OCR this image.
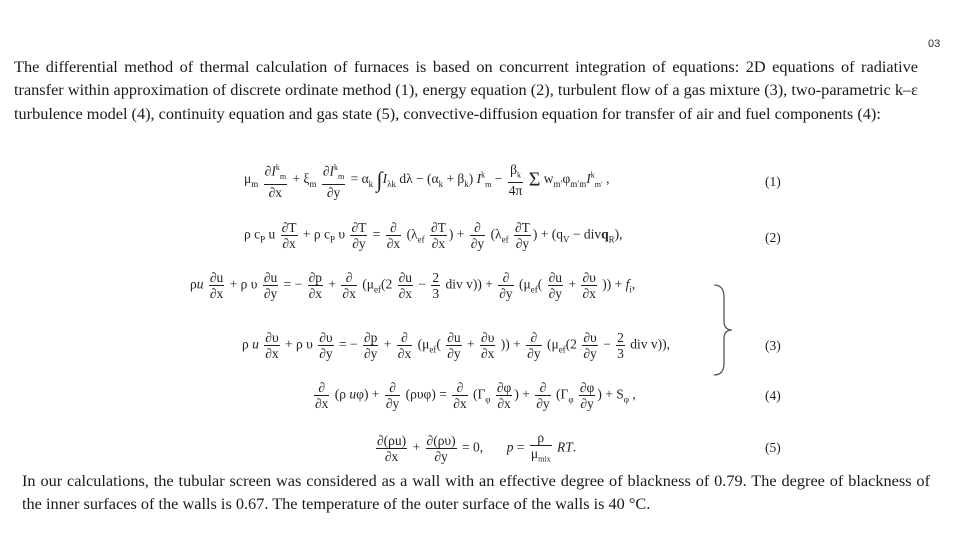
03

The differential method of thermal calculation of furnaces is based on concurrent integration of equations: 2D equations of radiative transfer within approximation of discrete ordinate method (1), energy equation (2), turbulent flow of a gas mixture (3), two-parametric k–ε turbulence model (4), continuity equation and gas state (5), convective-diffusion equation for transfer of air and fuel components (4):

$\mu_m \frac{\partial I^k_m}{\partial x} + \xi_m \frac{\partial I^k_m}{\partial y} = \alpha_k$ $\int I_{\lambda k}$ $d\lambda - (\alpha_k + \beta_k) I^k_m - \frac{\beta_k}{4\pi}$ Σ $w_{m'}\varphi_{m'm}I^k_{m'}$ ,	(1)
ρ $c_P$ u $\frac{\partial T}{\partial x} + \rho$ $c_P$ υ $\frac{\partial T}{\partial y} = \frac{\partial}{\partial x} (\lambda_{ef} \frac{\partial T}{\partial x}$ ) + $\frac{\partial}{\partial y} (\lambda_{ef} \frac{\partial T}{\partial y}$ ) + ($q_V$ − divq$_R$),	(2)
ρu $\frac{\partial u}{\partial x} + \rho$ υ $\frac{\partial u}{\partial y}$ = − $\frac{\partial p}{\partial x} + \frac{\partial}{\partial x} (\mu_{ef}(2 \frac{\partial u}{\partial x} - \frac{2}{3}$ div $v)) + \frac{\partial}{\partial y} (\mu_{ef}( \frac{\partial u}{\partial y} + \frac{\partial\upsilon}{\partial x}$ )) + $f_i$,
ρ u $\frac{\partial\upsilon}{\partial x} + \rho$ υ $\frac{\partial\upsilon}{\partial y}$ = − $\frac{\partial p}{\partial y} + \frac{\partial}{\partial x} (\mu_{ef}( \frac{\partial u}{\partial y} + \frac{\partial\upsilon}{\partial x}$ )) + $\frac{\partial}{\partial y} (\mu_{ef}(2 \frac{\partial\upsilon}{\partial y} - \frac{2}{3}$ div v)),	(3)
$\frac{\partial}{\partial x} (\rho$ $u\varphi) + \frac{\partial}{\partial y} (\rho\upsilon\varphi) = \frac{\partial}{\partial x} (\Gamma_\varphi \frac{\partial\varphi}{\partial x}$ ) + $\frac{\partial}{\partial y} (\Gamma_\varphi \frac{\partial\varphi}{\partial y}$ ) + $S_\varphi$ ,	(4)
$\frac{\partial(\rho u)}{\partial x} + \frac{\partial(\rho\upsilon)}{\partial y} = 0$,       $p = \frac{\rho}{\mu_{mix}}$ RT.	(5)

In our calculations, the tubular screen was considered as a wall with an effective degree of blackness of 0.79. The degree of blackness of the inner surfaces of the walls is 0.67. The temperature of the outer surface of the walls is 40 °C.
